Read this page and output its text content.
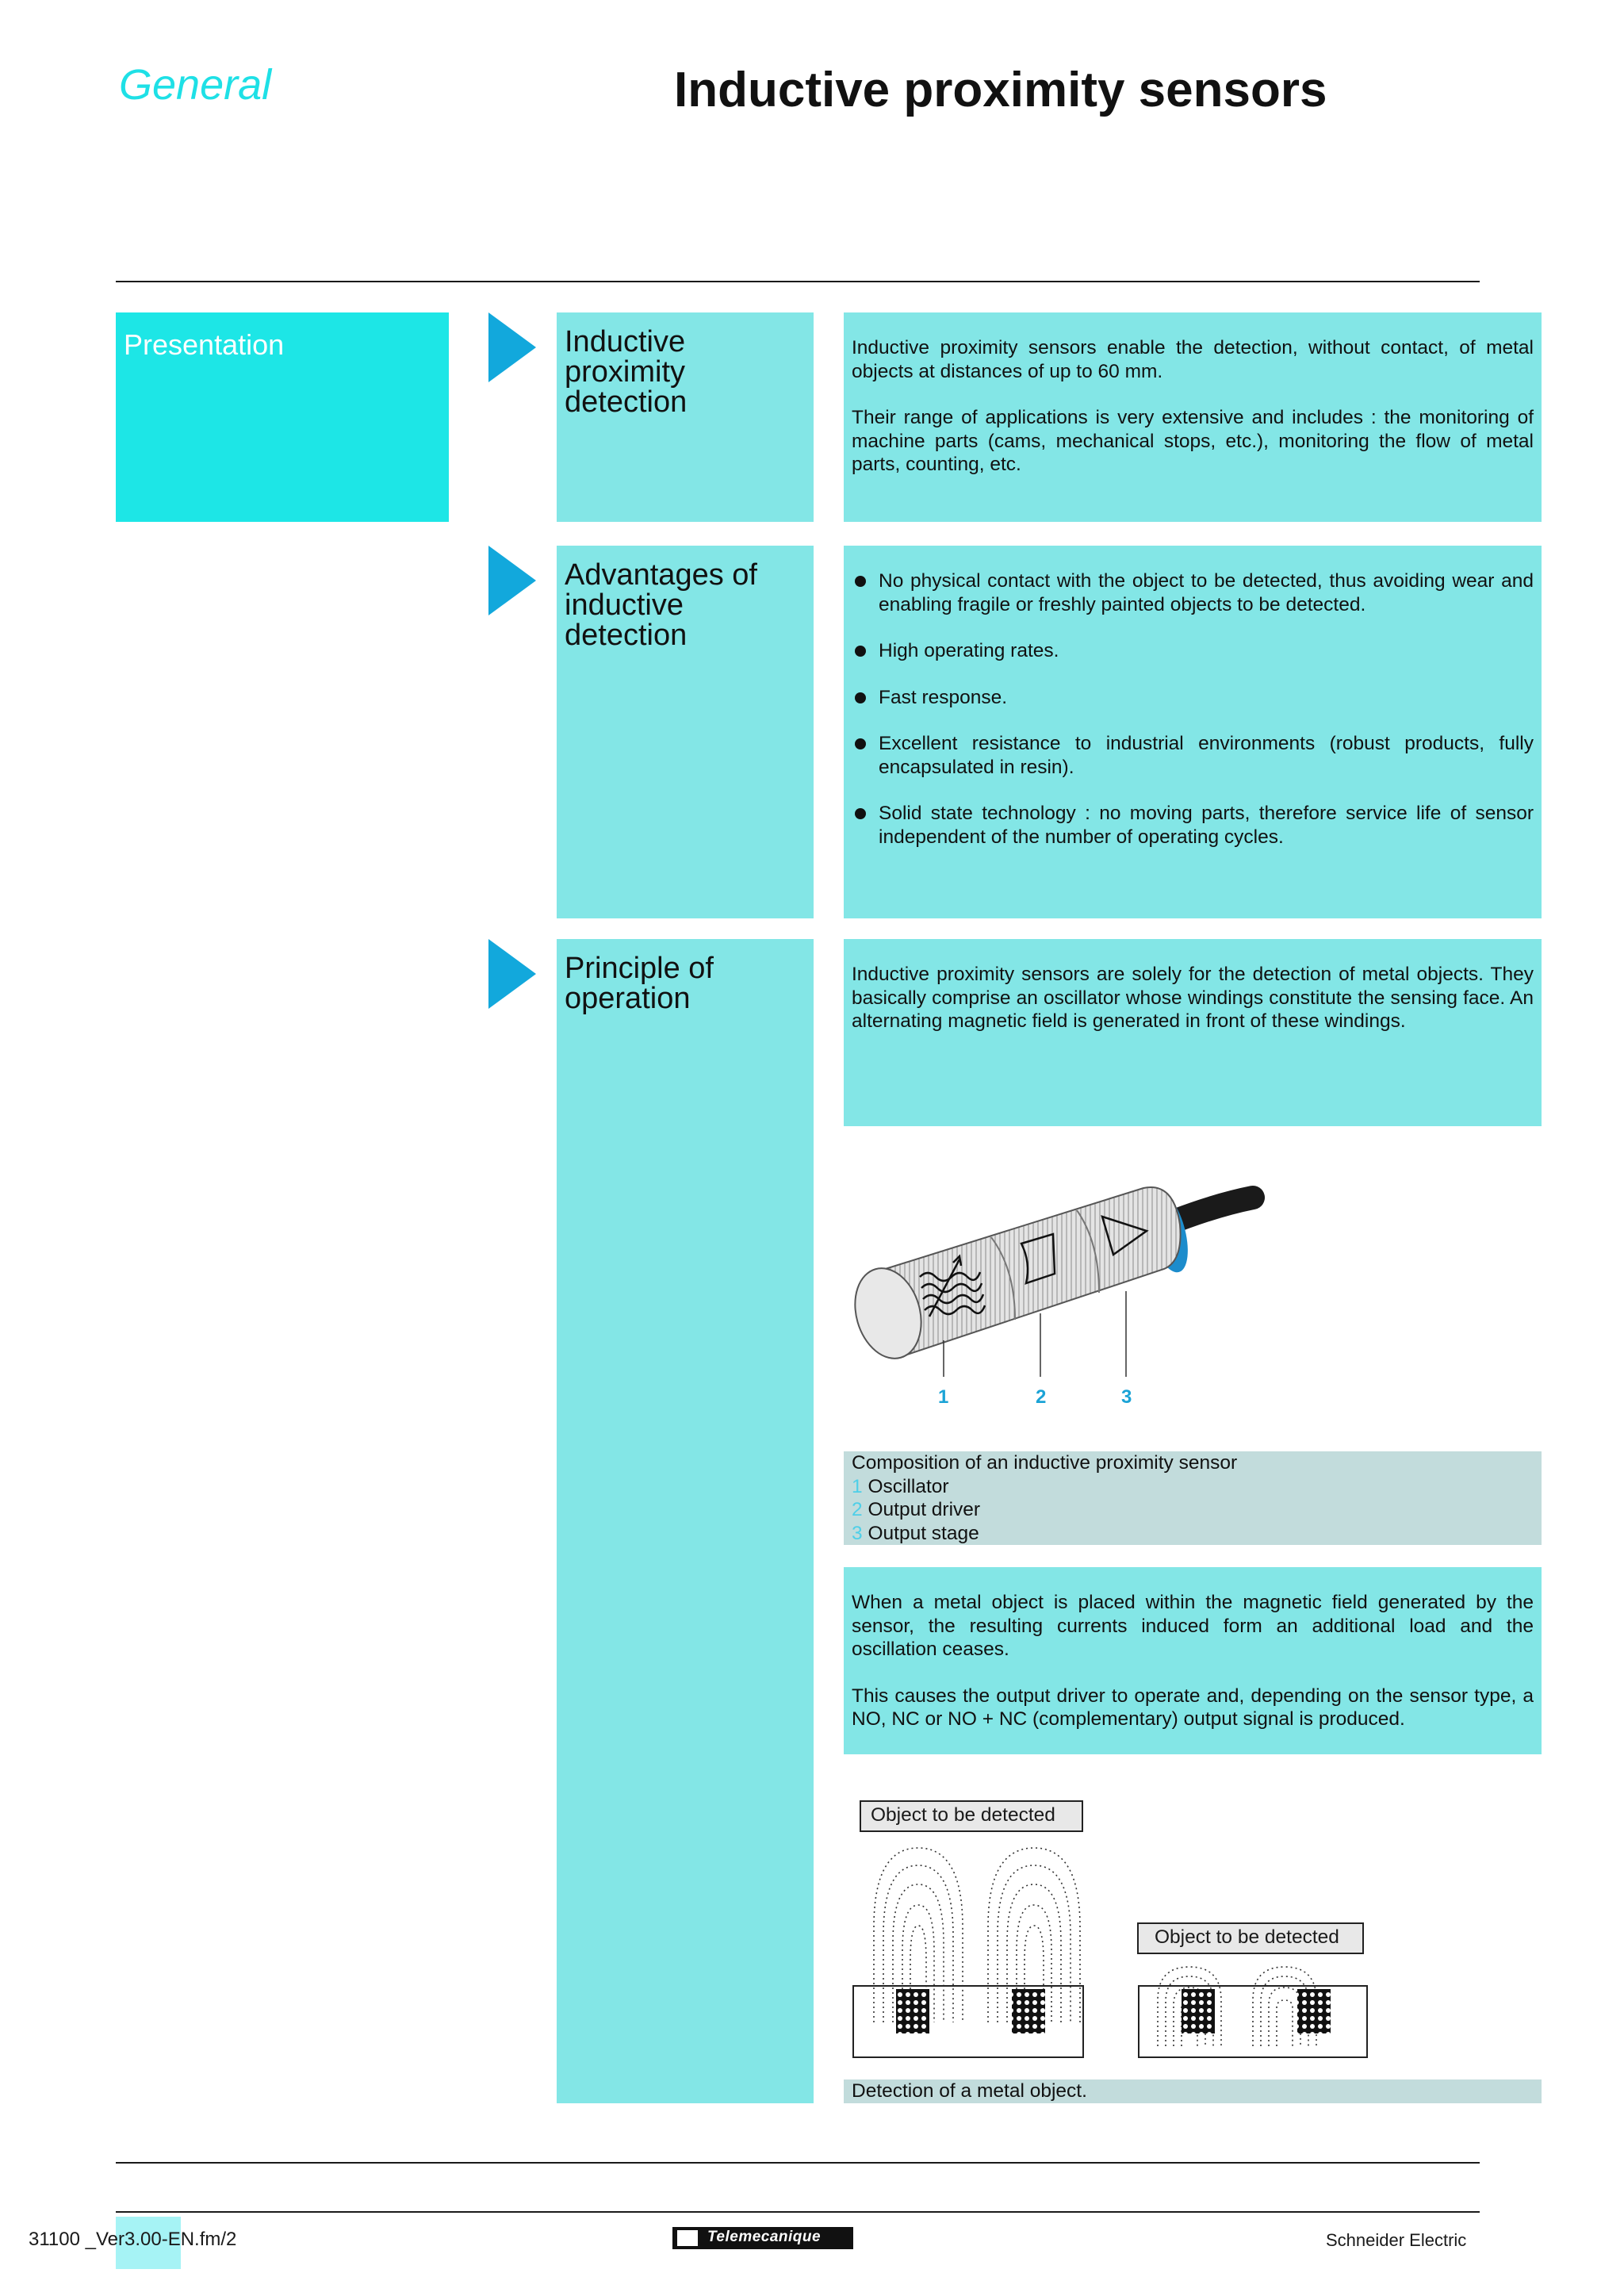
General	Inductive proximity sensors
Presentation	Inductive proximity detection

Inductive proximity sensors enable the detection, without contact, of metal objects at distances of up to 60 mm.

Their range of applications is very extensive and includes : the monitoring of machine parts (cams, mechanical stops, etc.), monitoring the flow of metal parts, counting, etc.

Advantages of inductive detection
No physical contact with the object to be detected, thus avoiding wear and enabling fragile or freshly painted objects to be detected.
High operating rates.
Fast response.
Excellent resistance to industrial environments (robust products, fully encapsulated in resin).
Solid state technology : no moving parts, therefore service life of sensor independent of the number of operating cycles.
Principle of operation

Inductive proximity sensors are solely for the detection of metal objects. They basically comprise an oscillator whose windings constitute the sensing face. An alternating magnetic field is generated in front of these windings.

1	2	3
Composition of an inductive proximity sensor
1 Oscillator
2 Output driver
3 Output stage

When a metal object is placed within the magnetic field generated by the sensor, the resulting currents induced form an additional load and the oscillation ceases.

This causes the output driver to operate and, depending on the sensor type, a NO, NC or NO + NC (complementary) output signal is produced.

Object to be detected
Object to be detected
Detection of a metal object.
31100 _Ver3.00-EN.fm/2	Telemecanique	Schneider Electric
